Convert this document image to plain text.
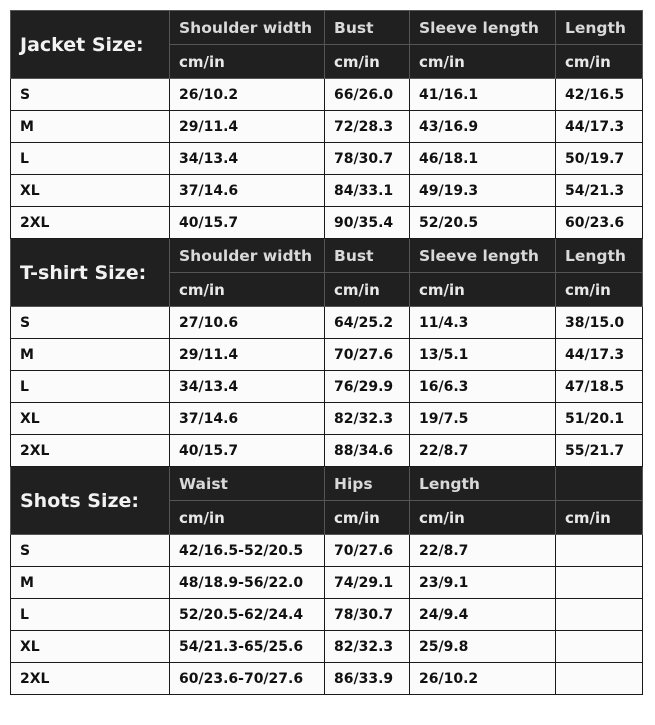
Jacket Size:	Shoulder width	Bust	Sleeve length	Length
	cm/in	cm/in	cm/in	cm/in
S	26/10.2	66/26.0	41/16.1	42/16.5
M	29/11.4	72/28.3	43/16.9	44/17.3
L	34/13.4	78/30.7	46/18.1	50/19.7
XL	37/14.6	84/33.1	49/19.3	54/21.3
2XL	40/15.7	90/35.4	52/20.5	60/23.6
T-shirt Size:	Shoulder width	Bust	Sleeve length	Length
	cm/in	cm/in	cm/in	cm/in
S	27/10.6	64/25.2	11/4.3	38/15.0
M	29/11.4	70/27.6	13/5.1	44/17.3
L	34/13.4	76/29.9	16/6.3	47/18.5
XL	37/14.6	82/32.3	19/7.5	51/20.1
2XL	40/15.7	88/34.6	22/8.7	55/21.7
Shots Size:	Waist	Hips	Length	
	cm/in	cm/in	cm/in	cm/in
S	42/16.5-52/20.5	70/27.6	22/8.7	
M	48/18.9-56/22.0	74/29.1	23/9.1	
L	52/20.5-62/24.4	78/30.7	24/9.4	
XL	54/21.3-65/25.6	82/32.3	25/9.8	
2XL	60/23.6-70/27.6	86/33.9	26/10.2	
